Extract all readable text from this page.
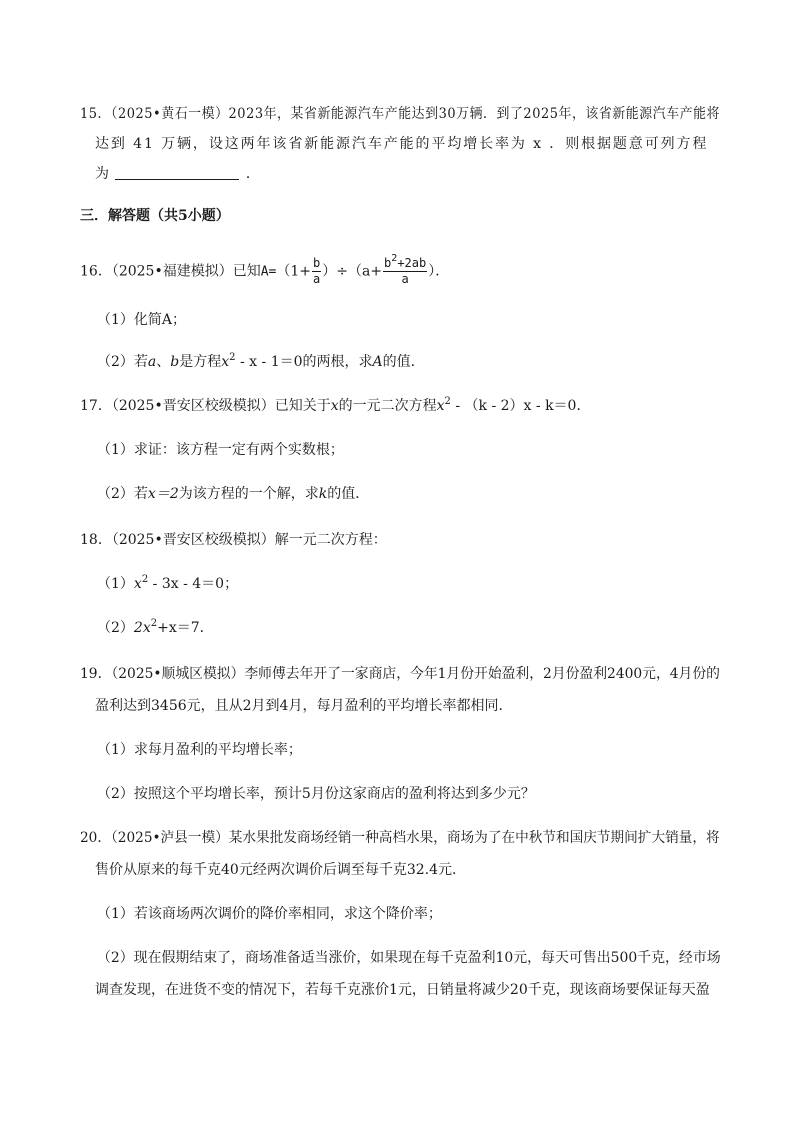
15．（2025•黄石一模）2023年，某省新能源汽车产能达到30万辆．到了2025年，该省新能源汽车产能将
达到 41 万辆，设这两年该省新能源汽车产能的平均增长率为 x ．则根据题意可列方程
为	．
三．解答题（共5小题）
16．（2025•福建模拟）已知$A=(1+ \frac{b}{a} )\div(a+ \frac{b^2+2ab}{a}$ ）．
（1）化简A；
（2）若a、b是方程$x^2 - x - 1=0$的两根，求A的值．
17．（2025•晋安区校级模拟）已知关于x的一元二次方程$x^2 - (k - 2)x - k=0$．
（1）求证：该方程一定有两个实数根；
（2）若x＝2为该方程的一个解，求k的值．
18．（2025•晋安区校级模拟）解一元二次方程：
$(1)x^2 - 3x - 4=0$；
$(2)2x^2+x=7$．
19．（2025•顺城区模拟）李师傅去年开了一家商店，今年1月份开始盈利，2月份盈利2400元，4月份的
盈利达到3456元，且从2月到4月，每月盈利的平均增长率都相同．
（1）求每月盈利的平均增长率；
（2）按照这个平均增长率，预计5月份这家商店的盈利将达到多少元？
20．（2025•泸县一模）某水果批发商场经销一种高档水果，商场为了在中秋节和国庆节期间扩大销量，将
售价从原来的每千克40元经两次调价后调至每千克32.4元．
（1）若该商场两次调价的降价率相同，求这个降价率；
（2）现在假期结束了，商场准备适当涨价，如果现在每千克盈利10元，每天可售出500千克，经市场
调查发现，在进货不变的情况下，若每千克涨价1元，日销量将减少20千克，现该商场要保证每天盈
